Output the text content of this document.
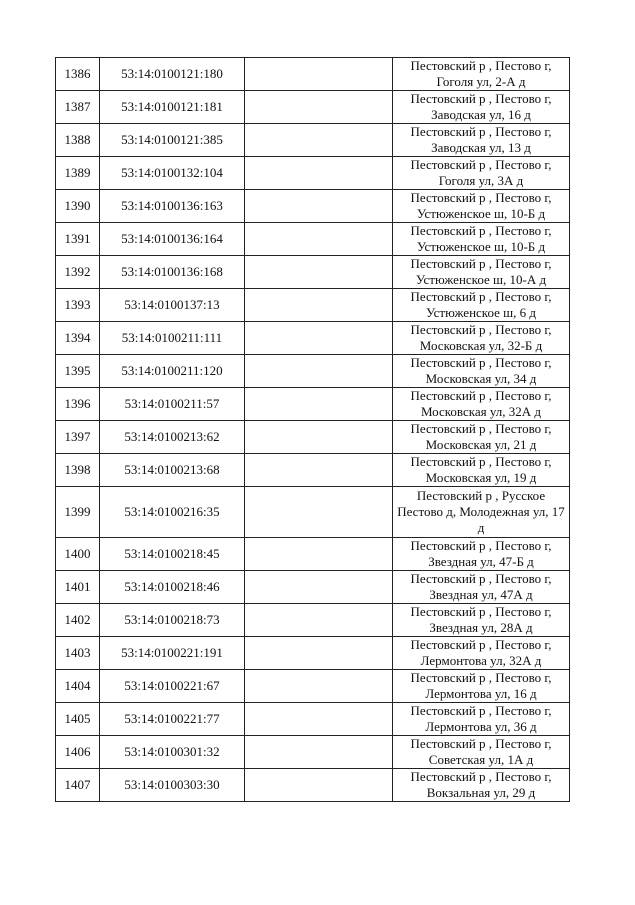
1386	53:14:0100121:180		Пестовский р , Пестово г, Гоголя ул, 2-А д
1387	53:14:0100121:181		Пестовский р , Пестово г, Заводская ул, 16 д
1388	53:14:0100121:385		Пестовский р , Пестово г, Заводская ул, 13 д
1389	53:14:0100132:104		Пестовский р , Пестово г, Гоголя ул, 3А д
1390	53:14:0100136:163		Пестовский р , Пестово г, Устюженское ш, 10-Б д
1391	53:14:0100136:164		Пестовский р , Пестово г, Устюженское ш, 10-Б д
1392	53:14:0100136:168		Пестовский р , Пестово г, Устюженское ш, 10-А д
1393	53:14:0100137:13		Пестовский р , Пестово г, Устюженское ш, 6 д
1394	53:14:0100211:111		Пестовский р , Пестово г, Московская ул, 32-Б д
1395	53:14:0100211:120		Пестовский р , Пестово г, Московская ул, 34 д
1396	53:14:0100211:57		Пестовский р , Пестово г, Московская ул, 32А д
1397	53:14:0100213:62		Пестовский р , Пестово г, Московская ул, 21 д
1398	53:14:0100213:68		Пестовский р , Пестово г, Московская ул, 19 д
1399	53:14:0100216:35		Пестовский р , Русское Пестово д, Молодежная ул, 17 д
1400	53:14:0100218:45		Пестовский р , Пестово г, Звездная ул, 47-Б д
1401	53:14:0100218:46		Пестовский р , Пестово г, Звездная ул, 47А д
1402	53:14:0100218:73		Пестовский р , Пестово г, Звездная ул, 28А д
1403	53:14:0100221:191		Пестовский р , Пестово г, Лермонтова ул, 32А д
1404	53:14:0100221:67		Пестовский р , Пестово г, Лермонтова ул, 16 д
1405	53:14:0100221:77		Пестовский р , Пестово г, Лермонтова ул, 36 д
1406	53:14:0100301:32		Пестовский р , Пестово г, Советская ул, 1А д
1407	53:14:0100303:30		Пестовский р , Пестово г, Вокзальная ул, 29 д
